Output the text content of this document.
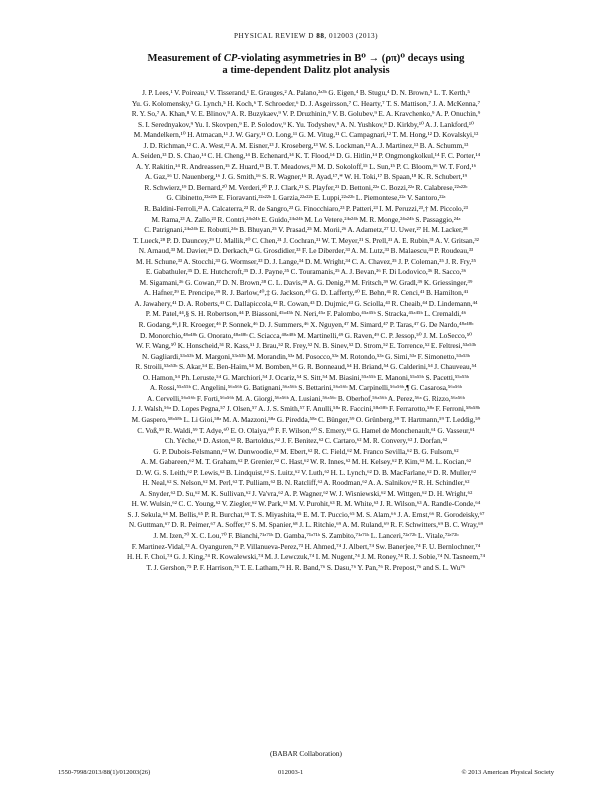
PHYSICAL REVIEW D 88, 012003 (2013)
Measurement of CP-violating asymmetries in B⁰ → (ρπ)⁰ decays using
a time-dependent Dalitz plot analysis
J. P. Lees,¹ V. Poireau,¹ V. Tisserand,¹ E. Grauges,² A. Palano,³ᵃ³ᵇ G. Eigen,⁴ B. Stugu,⁴ D. N. Brown,⁵ L. T. Kerth,⁵
Yu. G. Kolomensky,⁵ G. Lynch,⁵ H. Koch,⁶ T. Schroeder,⁶ D. J. Asgeirsson,⁷ C. Hearty,⁷ T. S. Mattison,⁷ J. A. McKenna,⁷
R. Y. So,⁷ A. Khan,⁸ V. E. Blinov,⁹ A. R. Buzykaev,⁹ V. P. Druzhinin,⁹ V. B. Golubev,⁹ E. A. Kravchenko,⁹ A. P. Onuchin,⁹
S. I. Serednyakov,⁹ Yu. I. Skovpen,⁹ E. P. Solodov,⁹ K. Yu. Todyshev,⁹ A. N. Yushkov,⁹ D. Kirkby,¹⁰ A. J. Lankford,¹⁰
M. Mandelkern,¹⁰ H. Atmacan,¹¹ J. W. Gary,¹¹ O. Long,¹¹ G. M. Vitug,¹¹ C. Campagnari,¹² T. M. Hong,¹² D. Kovalskyi,¹²
J. D. Richman,¹² C. A. West,¹² A. M. Eisner,¹³ J. Kroseberg,¹³ W. S. Lockman,¹³ A. J. Martinez,¹³ B. A. Schumm,¹³
A. Seiden,¹³ D. S. Chao,¹⁴ C. H. Cheng,¹⁴ B. Echenard,¹⁴ K. T. Flood,¹⁴ D. G. Hitlin,¹⁴ P. Ongmongkolkul,¹⁴ F. C. Porter,¹⁴
A. Y. Rakitin,¹⁴ R. Andreassen,¹⁵ Z. Huard,¹⁵ B. T. Meadows,¹⁵ M. D. Sokoloff,¹⁵ L. Sun,¹⁵ P. C. Bloom,¹⁶ W. T. Ford,¹⁶
A. Gaz,¹⁶ U. Nauenberg,¹⁶ J. G. Smith,¹⁶ S. R. Wagner,¹⁶ R. Ayad,¹⁷,* W. H. Toki,¹⁷ B. Spaan,¹⁸ K. R. Schubert,¹⁹
R. Schwierz,¹⁹ D. Bernard,²⁰ M. Verderi,²⁰ P. J. Clark,²¹ S. Playfer,²¹ D. Bettoni,²²ᵃ C. Bozzi,²²ᵃ R. Calabrese,²²ᵃ²²ᵇ
G. Cibinetto,²²ᵃ²²ᵇ E. Fioravanti,²²ᵃ²²ᵇ I. Garzia,²²ᵃ²²ᵇ E. Luppi,²²ᵃ²²ᵇ L. Piemontese,²²ᵃ V. Santoro,²²ᵃ
R. Baldini-Ferroli,²³ A. Calcaterra,²³ R. de Sangro,²³ G. Finocchiaro,²³ P. Patteri,²³ I. M. Peruzzi,²³,† M. Piccolo,²³
M. Rama,²³ A. Zallo,²³ R. Contri,²⁴ᵃ²⁴ᵇ E. Guido,²⁴ᵃ²⁴ᵇ M. Lo Vetere,²⁴ᵃ²⁴ᵇ M. R. Monge,²⁴ᵃ²⁴ᵇ S. Passaggio,²⁴ᵃ
C. Patrignani,²⁴ᵃ²⁴ᵇ E. Robutti,²⁴ᵃ B. Bhuyan,²⁵ V. Prasad,²⁵ M. Morii,²⁶ A. Adametz,²⁷ U. Uwer,²⁷ H. M. Lacker,²⁸
T. Lueck,²⁸ P. D. Dauncey,²⁹ U. Mallik,³⁰ C. Chen,³¹ J. Cochran,³¹ W. T. Meyer,³¹ S. Prell,³¹ A. E. Rubin,³¹ A. V. Gritsan,³²
N. Arnaud,³³ M. Davier,³³ D. Derkach,³³ G. Grosdidier,³³ F. Le Diberder,³³ A. M. Lutz,³³ B. Malaescu,³³ P. Roudeau,³³
M. H. Schune,³³ A. Stocchi,³³ G. Wormser,³³ D. J. Lange,³⁴ D. M. Wright,³⁴ C. A. Chavez,³⁵ J. P. Coleman,³⁵ J. R. Fry,³⁵
E. Gabathuler,³⁵ D. E. Hutchcroft,³⁵ D. J. Payne,³⁵ C. Touramanis,³⁵ A. J. Bevan,³⁶ F. Di Lodovico,³⁶ R. Sacco,³⁶
M. Sigamani,³⁶ G. Cowan,³⁷ D. N. Brown,³⁸ C. L. Davis,³⁸ A. G. Denig,³⁹ M. Fritsch,³⁹ W. Gradl,³⁹ K. Griessinger,³⁹
A. Hafner,³⁹ E. Prencipe,³⁹ R. J. Barlow,⁴⁰,‡ G. Jackson,⁴⁰ G. D. Lafferty,⁴⁰ E. Behn,⁴¹ R. Cenci,⁴¹ B. Hamilton,⁴¹
A. Jawahery,⁴¹ D. A. Roberts,⁴¹ C. Dallapiccola,⁴² R. Cowan,⁴³ D. Dujmic,⁴³ G. Sciolla,⁴³ R. Cheaib,⁴⁴ D. Lindemann,⁴⁴
P. M. Patel,⁴⁴,§ S. H. Robertson,⁴⁴ P. Biassoni,⁴⁵ᵃ⁴⁵ᵇ N. Neri,⁴⁵ᵃ F. Palombo,⁴⁵ᵃ⁴⁵ᵇ S. Stracka,⁴⁵ᵃ⁴⁵ᵇ L. Cremaldi,⁴⁶
R. Godang,⁴⁶,‖ R. Kroeger,⁴⁶ P. Sonnek,⁴⁶ D. J. Summers,⁴⁶ X. Nguyen,⁴⁷ M. Simard,⁴⁷ P. Taras,⁴⁷ G. De Nardo,⁴⁸ᵃ⁴⁸ᵇ
D. Monorchio,⁴⁸ᵃ⁴⁸ᵇ G. Onorato,⁴⁸ᵃ⁴⁸ᵇ C. Sciacca,⁴⁸ᵃ⁴⁸ᵇ M. Martinelli,⁴⁹ G. Raven,⁴⁹ C. P. Jessop,⁵⁰ J. M. LoSecco,⁵⁰
W. F. Wang,⁵⁰ K. Honscheid,⁵¹ R. Kass,⁵¹ J. Brau,⁵² R. Frey,⁵² N. B. Sinev,⁵² D. Strom,⁵² E. Torrence,⁵² E. Feltresi,⁵³ᵃ⁵³ᵇ
N. Gagliardi,⁵³ᵃ⁵³ᵇ M. Margoni,⁵³ᵃ⁵³ᵇ M. Morandin,⁵³ᵃ M. Posocco,⁵³ᵃ M. Rotondo,⁵³ᵃ G. Simi,⁵³ᵃ F. Simonetto,⁵³ᵃ⁵³ᵇ
R. Stroili,⁵³ᵃ⁵³ᵇ S. Akar,⁵⁴ E. Ben-Haim,⁵⁴ M. Bomben,⁵⁴ G. R. Bonneaud,⁵⁴ H. Briand,⁵⁴ G. Calderini,⁵⁴ J. Chauveau,⁵⁴
O. Hamon,⁵⁴ Ph. Leruste,⁵⁴ G. Marchiori,⁵⁴ J. Ocariz,⁵⁴ S. Sitt,⁵⁴ M. Biasini,⁵⁵ᵃ⁵⁵ᵇ E. Manoni,⁵⁵ᵃ⁵⁵ᵇ S. Pacetti,⁵⁵ᵃ⁵⁵ᵇ
A. Rossi,⁵⁵ᵃ⁵⁵ᵇ C. Angelini,⁵⁶ᵃ⁵⁶ᵇ G. Batignani,⁵⁶ᵃ⁵⁶ᵇ S. Bettarini,⁵⁶ᵃ⁵⁶ᵇ M. Carpinelli,⁵⁶ᵃ⁵⁶ᵇ,¶ G. Casarosa,⁵⁶ᵃ⁵⁶ᵇ
A. Cervelli,⁵⁶ᵃ⁵⁶ᵇ F. Forti,⁵⁶ᵃ⁵⁶ᵇ M. A. Giorgi,⁵⁶ᵃ⁵⁶ᵇ A. Lusiani,⁵⁶ᵃ⁵⁶ᶜ B. Oberhof,⁵⁶ᵃ⁵⁶ᵇ A. Perez,⁵⁶ᵃ G. Rizzo,⁵⁶ᵃ⁵⁶ᵇ
J. J. Walsh,⁵⁶ᵃ D. Lopes Pegna,⁵⁷ J. Olsen,⁵⁷ A. J. S. Smith,⁵⁷ F. Anulli,⁵⁸ᵃ R. Faccini,⁵⁸ᵃ⁵⁸ᵇ F. Ferrarotto,⁵⁸ᵃ F. Ferroni,⁵⁸ᵃ⁵⁸ᵇ
M. Gaspero,⁵⁸ᵃ⁵⁸ᵇ L. Li Gioi,⁵⁸ᵃ M. A. Mazzoni,⁵⁸ᵃ G. Piredda,⁵⁸ᵃ C. Bünger,⁵⁹ O. Grünberg,⁵⁹ T. Hartmann,⁵⁹ T. Leddig,⁵⁹
C. Voß,⁵⁹ R. Waldi,⁵⁹ T. Adye,⁶⁰ E. O. Olaiya,⁶⁰ F. F. Wilson,⁶⁰ S. Emery,⁶¹ G. Hamel de Monchenault,⁶¹ G. Vasseur,⁶¹
Ch. Yèche,⁶¹ D. Aston,⁶² R. Bartoldus,⁶² J. F. Benitez,⁶² C. Cartaro,⁶² M. R. Convery,⁶² J. Dorfan,⁶²
G. P. Dubois-Felsmann,⁶² W. Dunwoodie,⁶² M. Ebert,⁶² R. C. Field,⁶² M. Franco Sevilla,⁶² B. G. Fulsom,⁶²
A. M. Gabareen,⁶² M. T. Graham,⁶² P. Grenier,⁶² C. Hast,⁶² W. R. Innes,⁶² M. H. Kelsey,⁶² P. Kim,⁶² M. L. Kocian,⁶²
D. W. G. S. Leith,⁶² P. Lewis,⁶² B. Lindquist,⁶² S. Luitz,⁶² V. Luth,⁶² H. L. Lynch,⁶² D. B. MacFarlane,⁶² D. R. Muller,⁶²
H. Neal,⁶² S. Nelson,⁶² M. Perl,⁶² T. Pulliam,⁶² B. N. Ratcliff,⁶² A. Roodman,⁶² A. A. Salnikov,⁶² R. H. Schindler,⁶²
A. Snyder,⁶² D. Su,⁶² M. K. Sullivan,⁶² J. Va'vra,⁶² A. P. Wagner,⁶² W. J. Wisniewski,⁶² M. Wittgen,⁶² D. H. Wright,⁶²
H. W. Wulsin,⁶² C. C. Young,⁶² V. Ziegler,⁶² W. Park,⁶³ M. V. Purohit,⁶³ R. M. White,⁶³ J. R. Wilson,⁶³ A. Randle-Conde,⁶⁴
S. J. Sekula,⁶⁴ M. Bellis,⁶⁵ P. R. Burchat,⁶⁵ T. S. Miyashita,⁶⁵ E. M. T. Puccio,⁶⁵ M. S. Alam,⁶⁶ J. A. Ernst,⁶⁶ R. Gorodeisky,⁶⁷
N. Guttman,⁶⁷ D. R. Peimer,⁶⁷ A. Soffer,⁶⁷ S. M. Spanier,⁶⁸ J. L. Ritchie,⁶⁹ A. M. Ruland,⁶⁹ R. F. Schwitters,⁶⁹ B. C. Wray,⁶⁹
J. M. Izen,⁷⁰ X. C. Lou,⁷⁰ F. Bianchi,⁷¹ᵃ⁷¹ᵇ D. Gamba,⁷¹ᵃ⁷¹ᵇ S. Zambito,⁷¹ᵃ⁷¹ᵇ L. Lanceri,⁷²ᵃ⁷²ᵇ L. Vitale,⁷²ᵃ⁷²ᵇ
F. Martinez-Vidal,⁷³ A. Oyanguren,⁷³ P. Villanueva-Perez,⁷³ H. Ahmed,⁷⁴ J. Albert,⁷⁴ Sw. Banerjee,⁷⁴ F. U. Bernlochner,⁷⁴
H. H. F. Choi,⁷⁴ G. J. King,⁷⁴ R. Kowalewski,⁷⁴ M. J. Lewczuk,⁷⁴ I. M. Nugent,⁷⁴ J. M. Roney,⁷⁴ R. J. Sobie,⁷⁴ N. Tasneem,⁷⁴
T. J. Gershon,⁷⁵ P. F. Harrison,⁷⁵ T. E. Latham,⁷⁵ H. R. Band,⁷⁶ S. Dasu,⁷⁶ Y. Pan,⁷⁶ R. Prepost,⁷⁶ and S. L. Wu⁷⁶
(BABAR Collaboration)
1550-7998/2013/88(1)/012003(26)	012003-1	© 2013 American Physical Society
